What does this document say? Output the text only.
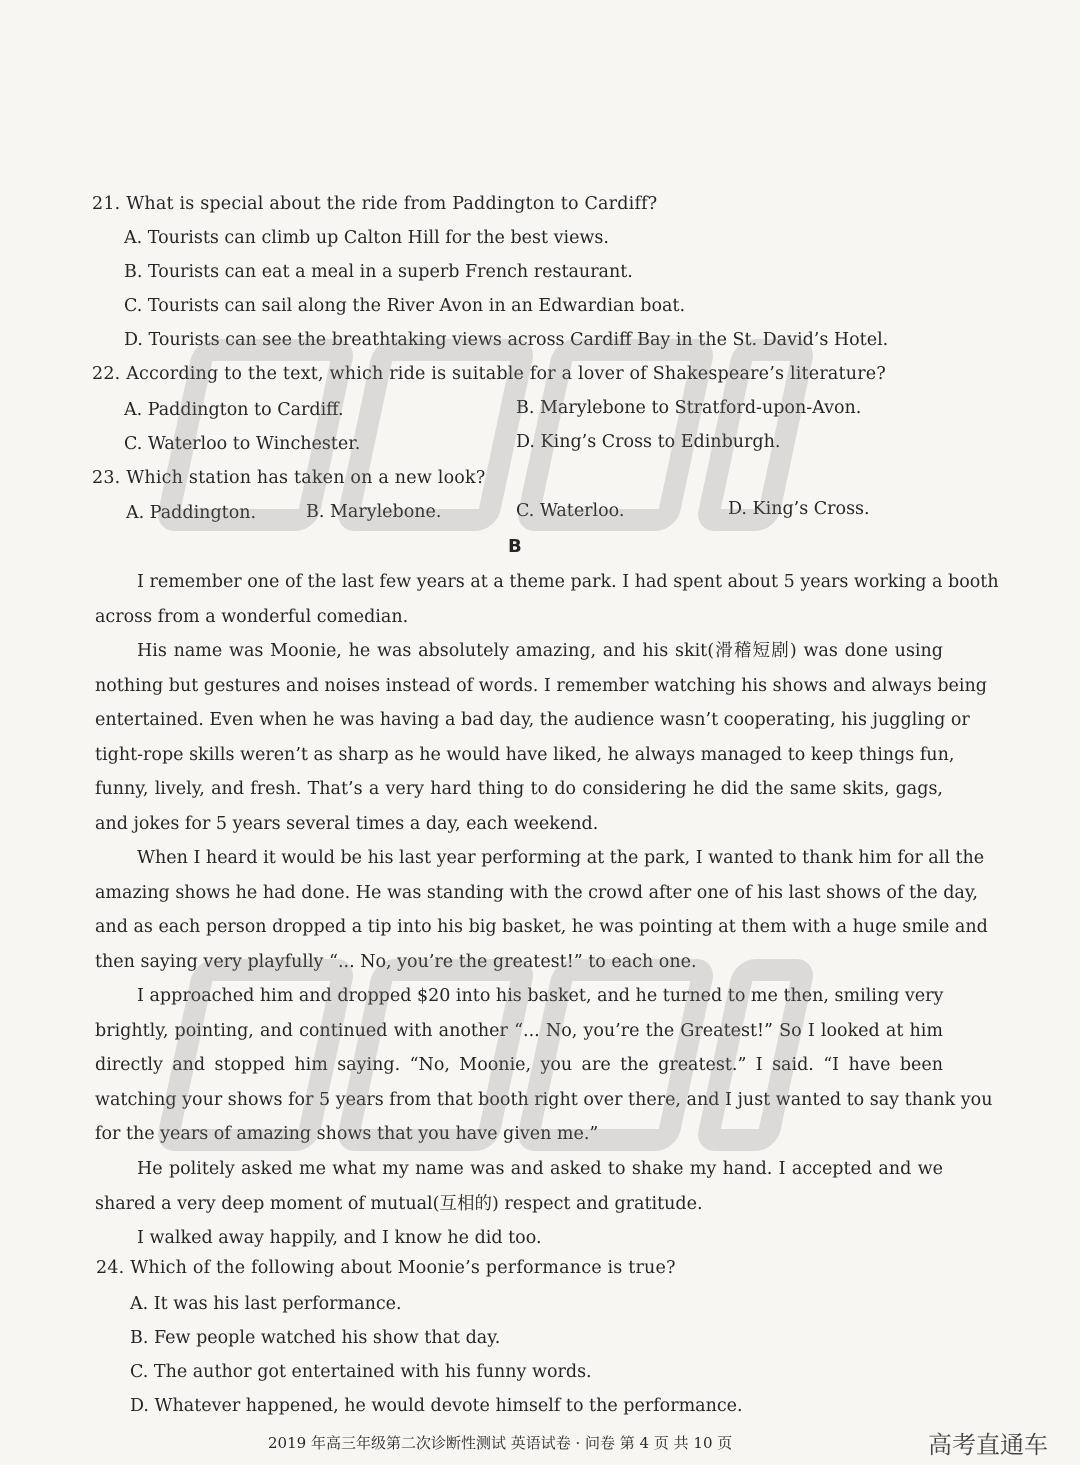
21. What is special about the ride from Paddington to Cardiff?
A. Tourists can climb up Calton Hill for the best views.
B. Tourists can eat a meal in a superb French restaurant.
C. Tourists can sail along the River Avon in an Edwardian boat.
D. Tourists can see the breathtaking views across Cardiff Bay in the St. David’s Hotel.
22. According to the text, which ride is suitable for a lover of Shakespeare’s literature?
A. Paddington to Cardiff.	B. Marylebone to Stratford-upon-Avon.
C. Waterloo to Winchester.	D. King’s Cross to Edinburgh.
23. Which station has taken on a new look?
A. Paddington.	B. Marylebone.	C. Waterloo.	D. King’s Cross.
B
I remember one of the last few years at a theme park. I had spent about 5 years working a booth
across from a wonderful comedian.
His name was Moonie, he was absolutely amazing, and his skit(滑稽短剧) was done using
nothing but gestures and noises instead of words. I remember watching his shows and always being
entertained. Even when he was having a bad day, the audience wasn’t cooperating, his juggling or
tight-rope skills weren’t as sharp as he would have liked, he always managed to keep things fun,
funny, lively, and fresh. That’s a very hard thing to do considering he did the same skits, gags,
and jokes for 5 years several times a day, each weekend.
When I heard it would be his last year performing at the park, I wanted to thank him for all the
amazing shows he had done. He was standing with the crowd after one of his last shows of the day,
and as each person dropped a tip into his big basket, he was pointing at them with a huge smile and
then saying very playfully “... No, you’re the greatest!” to each one.
I approached him and dropped $20 into his basket, and he turned to me then, smiling very
brightly, pointing, and continued with another “... No, you’re the Greatest!” So I looked at him
directly and stopped him saying. “No, Moonie, you are the greatest.” I said. “I have been
watching your shows for 5 years from that booth right over there, and I just wanted to say thank you
for the years of amazing shows that you have given me.”
He politely asked me what my name was and asked to shake my hand. I accepted and we
shared a very deep moment of mutual(互相的) respect and gratitude.
I walked away happily, and I know he did too.
24. Which of the following about Moonie’s performance is true?
A. It was his last performance.
B. Few people watched his show that day.
C. The author got entertained with his funny words.
D. Whatever happened, he would devote himself to the performance.
2019 年高三年级第二次诊断性测试 英语试卷 · 问卷 第 4 页 共 10 页	高考直通车
